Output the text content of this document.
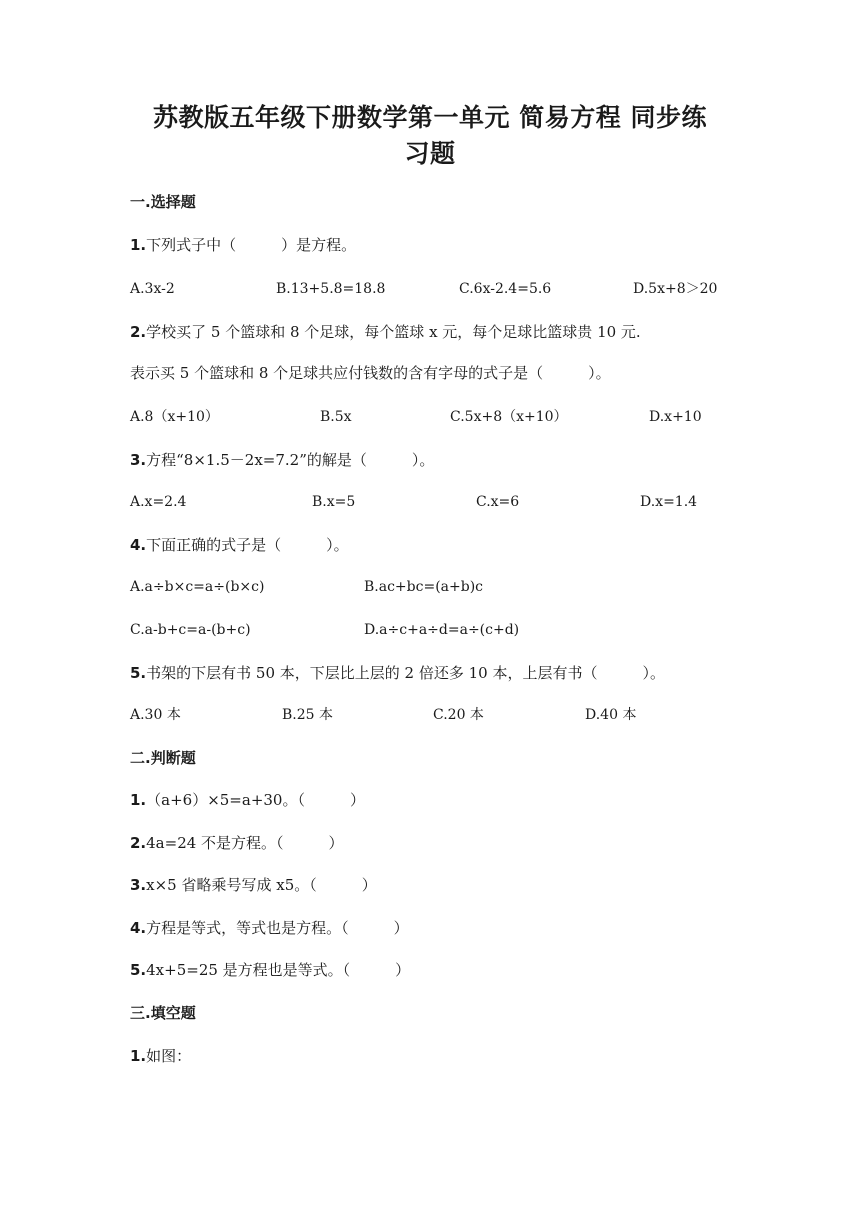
苏教版五年级下册数学第一单元 简易方程 同步练
习题
一.选择题
1.下列式子中（　　　）是方程。
A.3x-2	B.13+5.8=18.8	C.6x-2.4=5.6	D.5x+8＞20
2.学校买了 5 个篮球和 8 个足球，每个篮球 x 元，每个足球比篮球贵 10 元.
表示买 5 个篮球和 8 个足球共应付钱数的含有字母的式子是（　　　）。
A.8（x+10）	B.5x	C.5x+8（x+10）	D.x+10
3.方程“8×1.5－2x=7.2”的解是（　　　）。
A.x=2.4	B.x=5	C.x=6	D.x=1.4
4.下面正确的式子是（　　　）。
A.a÷b×c=a÷(b×c)	B.ac+bc=(a+b)c
C.a-b+c=a-(b+c)	D.a÷c+a÷d=a÷(c+d)
5.书架的下层有书 50 本，下层比上层的 2 倍还多 10 本，上层有书（　　　）。
A.30 本	B.25 本	C.20 本	D.40 本
二.判断题
1.（a+6）×5=a+30。（　　　）
2.4a=24 不是方程。（　　　）
3.x×5 省略乘号写成 x5。（　　　）
4.方程是等式，等式也是方程。（　　　）
5.4x+5=25 是方程也是等式。（　　　）
三.填空题
1.如图：
